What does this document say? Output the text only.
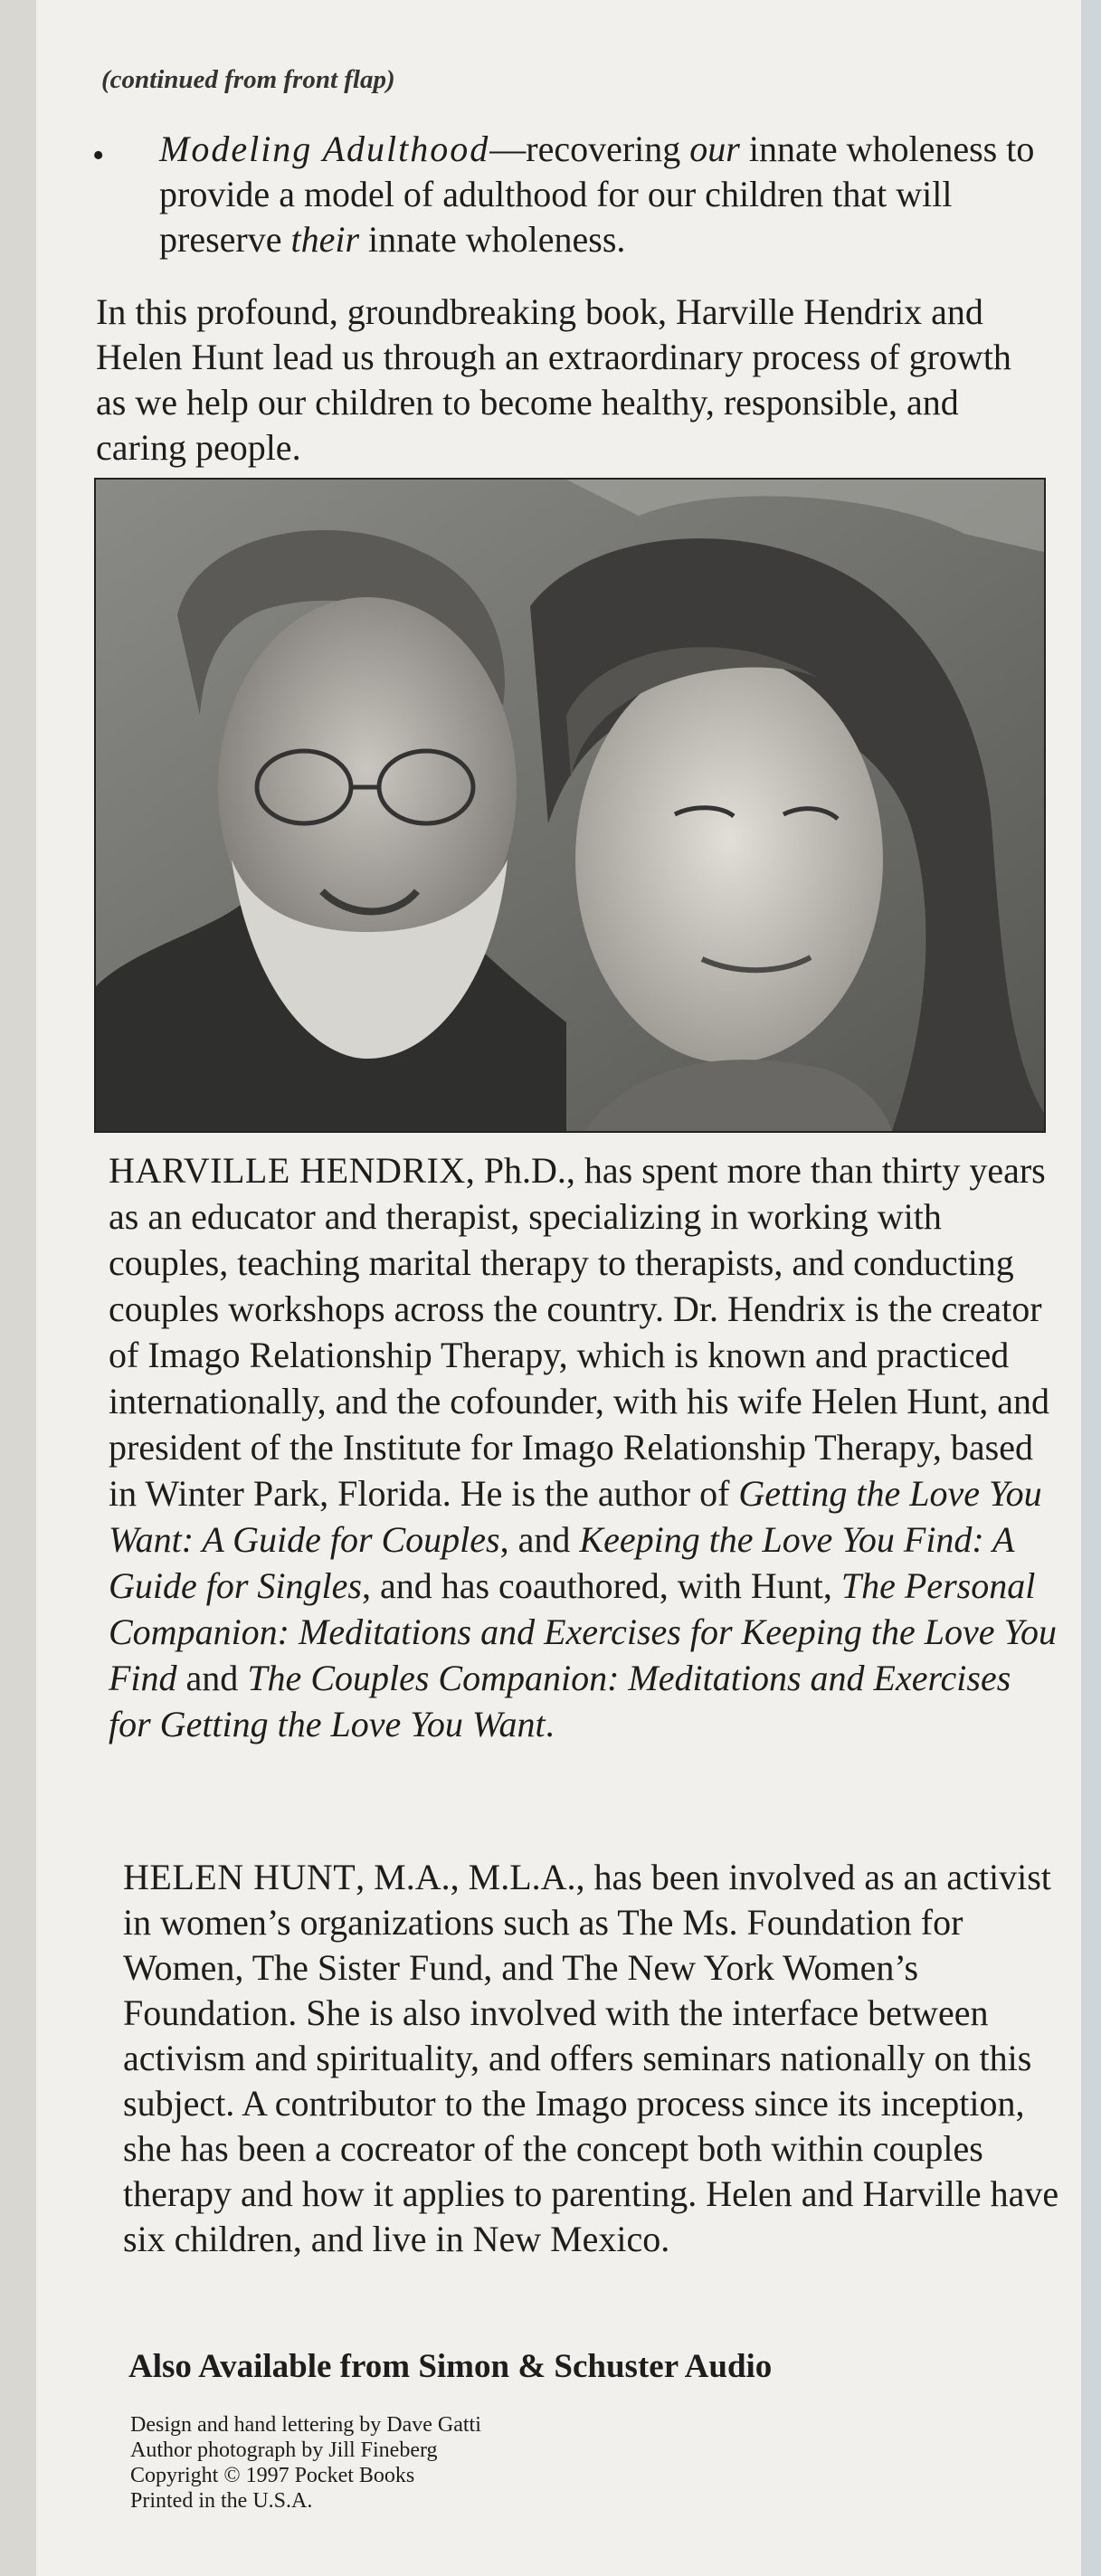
(continued from front flap)
• Modeling Adulthood—recovering our innate wholeness to provide a model of adulthood for our children that will preserve their innate wholeness.
In this profound, groundbreaking book, Harville Hendrix and Helen Hunt lead us through an extraordinary process of growth as we help our children to become healthy, responsible, and caring people.
HARVILLE HENDRIX, Ph.D., has spent more than thirty years as an educator and therapist, specializing in working with couples, teaching marital therapy to therapists, and conducting couples workshops across the country. Dr. Hendrix is the creator of Imago Relationship Therapy, which is known and practiced internationally, and the cofounder, with his wife Helen Hunt, and president of the Institute for Imago Relationship Therapy, based in Winter Park, Florida. He is the author of Getting the Love You Want: A Guide for Couples, and Keeping the Love You Find: A Guide for Singles, and has coauthored, with Hunt, The Personal Companion: Meditations and Exercises for Keeping the Love You Find and The Couples Companion: Meditations and Exercises for Getting the Love You Want.
HELEN HUNT, M.A., M.L.A., has been involved as an activist in women’s organizations such as The Ms. Foundation for Women, The Sister Fund, and The New York Women’s Foundation. She is also involved with the interface between activism and spirituality, and offers seminars nationally on this subject. A contributor to the Imago process since its inception, she has been a cocreator of the concept both within couples therapy and how it applies to parenting. Helen and Harville have six children, and live in New Mexico.
Also Available from Simon & Schuster Audio
Design and hand lettering by Dave Gatti
Author photograph by Jill Fineberg
Copyright © 1997 Pocket Books
Printed in the U.S.A.
